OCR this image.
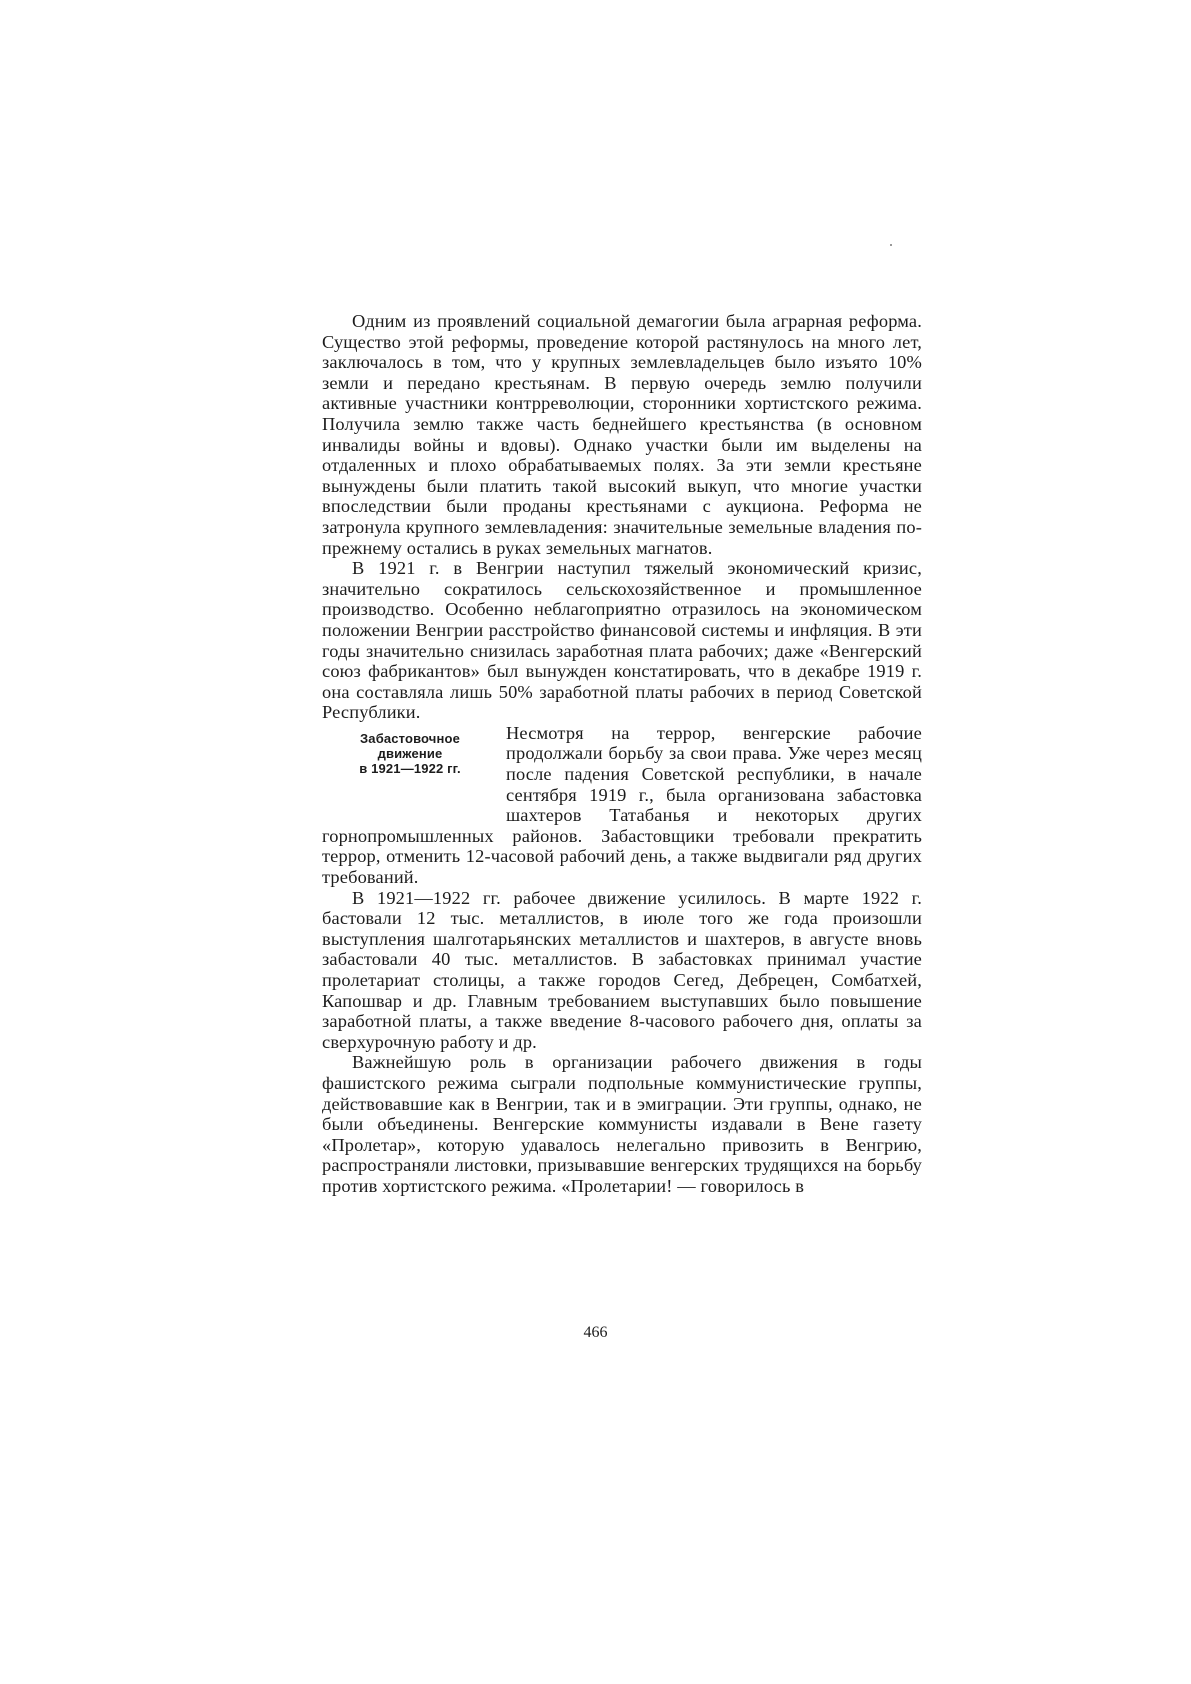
Одним из проявлений социальной демагогии была аграрная реформа. Существо этой реформы, проведение которой растянулось на много лет, заключалось в том, что у крупных землевладельцев было изъято 10% земли и передано крестьянам. В первую очередь землю получили активные участники контрреволюции, сторонники хортистского режима. Получила землю также часть беднейшего крестьянства (в основном инвалиды войны и вдовы). Однако участки были им выделены на отдаленных и плохо обрабатываемых полях. За эти земли крестьяне вынуждены были платить такой высокий выкуп, что многие участки впоследствии были проданы крестьянами с аукциона. Реформа не затронула крупного землевладения: значительные земельные владения по-прежнему остались в руках земельных магнатов.

В 1921 г. в Венгрии наступил тяжелый экономический кризис, значительно сократилось сельскохозяйственное и промышленное производство. Особенно неблагоприятно отразилось на экономическом положении Венгрии расстройство финансовой системы и инфляция. В эти годы значительно снизилась заработная плата рабочих; даже «Венгерский союз фабрикантов» был вынужден констатировать, что в декабре 1919 г. она составляла лишь 50% заработной платы рабочих в период Советской Республики.

Забастовочное
движение
в 1921—1922 гг.

Несмотря на террор, венгерские рабочие продолжали борьбу за свои права. Уже через месяц после падения Советской республики, в начале сентября 1919 г., была организована забастовка шахтеров Татабанья и некоторых других горнопромышленных районов. Забастовщики требовали прекратить террор, отменить 12-часовой рабочий день, а также выдвигали ряд других требований.

В 1921—1922 гг. рабочее движение усилилось. В марте 1922 г. бастовали 12 тыс. металлистов, в июле того же года произошли выступления шалготарьянских металлистов и шахтеров, в августе вновь забастовали 40 тыс. металлистов. В забастовках принимал участие пролетариат столицы, а также городов Сегед, Дебрецен, Сомбатхей, Капошвар и др. Главным требованием выступавших было повышение заработной платы, а также введение 8-часового рабочего дня, оплаты за сверхурочную работу и др.

Важнейшую роль в организации рабочего движения в годы фашистского режима сыграли подпольные коммунистические группы, действовавшие как в Венгрии, так и в эмиграции. Эти группы, однако, не были объединены. Венгерские коммунисты издавали в Вене газету «Пролетар», которую удавалось нелегально привозить в Венгрию, распространяли листовки, призывавшие венгерских трудящихся на борьбу против хортистского режима. «Пролетарии! — говорилось в

466
